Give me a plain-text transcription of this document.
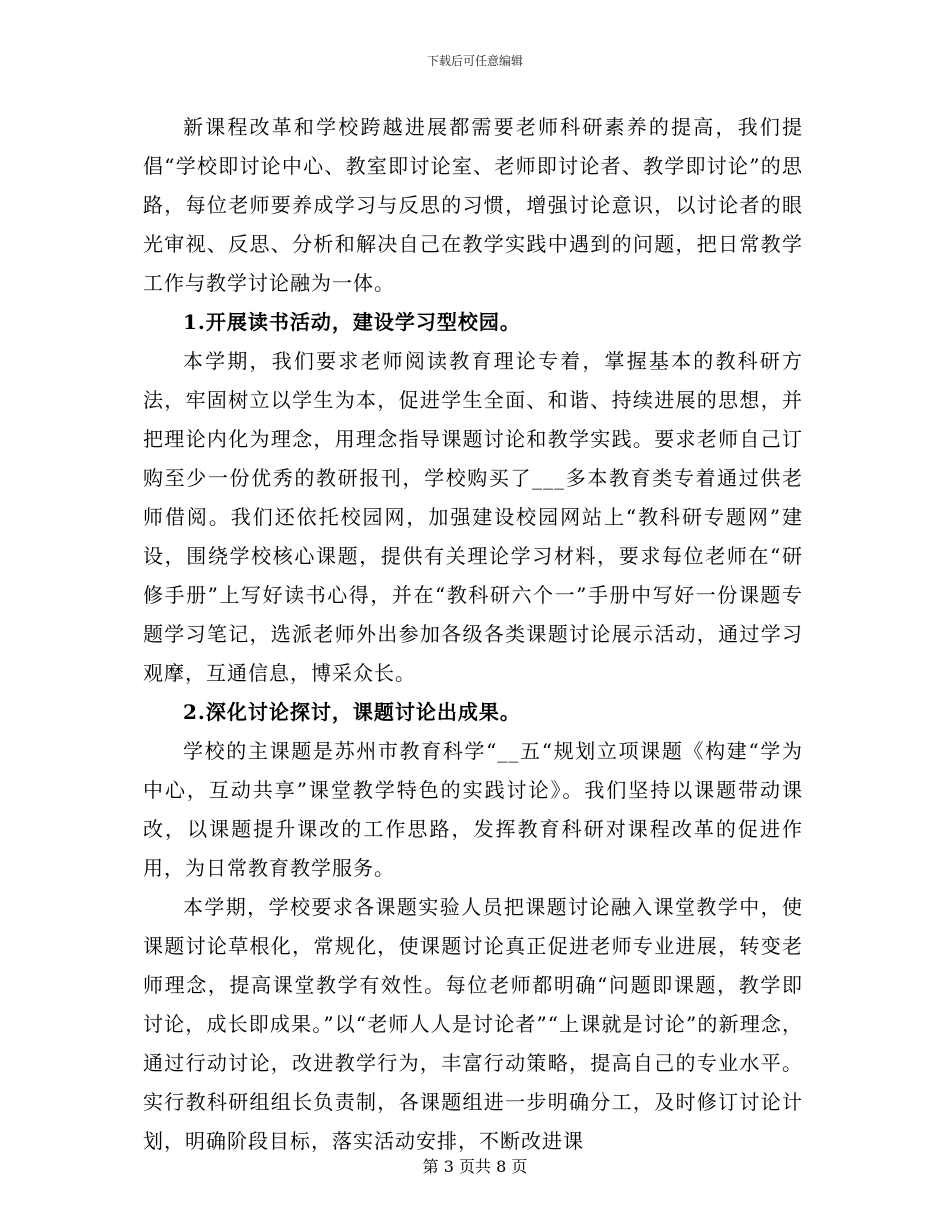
下载后可任意编辑

新课程改革和学校跨越进展都需要老师科研素养的提高，我们提倡“学校即讨论中心、教室即讨论室、老师即讨论者、教学即讨论”的思路，每位老师要养成学习与反思的习惯，增强讨论意识，以讨论者的眼光审视、反思、分析和解决自己在教学实践中遇到的问题，把日常教学工作与教学讨论融为一体。

1.开展读书活动，建设学习型校园。

本学期，我们要求老师阅读教育理论专着，掌握基本的教科研方法，牢固树立以学生为本，促进学生全面、和谐、持续进展的思想，并把理论内化为理念，用理念指导课题讨论和教学实践。要求老师自己订购至少一份优秀的教研报刊，学校购买了___多本教育类专着通过供老师借阅。我们还依托校园网，加强建设校园网站上“教科研专题网”建设，围绕学校核心课题，提供有关理论学习材料，要求每位老师在“研修手册”上写好读书心得，并在“教科研六个一”手册中写好一份课题专题学习笔记，选派老师外出参加各级各类课题讨论展示活动，通过学习观摩，互通信息，博采众长。

2.深化讨论探讨，课题讨论出成果。

学校的主课题是苏州市教育科学“__五“规划立项课题《构建“学为中心，互动共享”课堂教学特色的实践讨论》。我们坚持以课题带动课改，以课题提升课改的工作思路，发挥教育科研对课程改革的促进作用，为日常教育教学服务。

本学期，学校要求各课题实验人员把课题讨论融入课堂教学中，使课题讨论草根化，常规化，使课题讨论真正促进老师专业进展，转变老师理念，提高课堂教学有效性。每位老师都明确“问题即课题，教学即讨论，成长即成果。”以“老师人人是讨论者”“上课就是讨论”的新理念，通过行动讨论，改进教学行为，丰富行动策略，提高自己的专业水平。实行教科研组组长负责制，各课题组进一步明确分工，及时修订讨论计划，明确阶段目标，落实活动安排，不断改进课

第 3 页共 8 页
